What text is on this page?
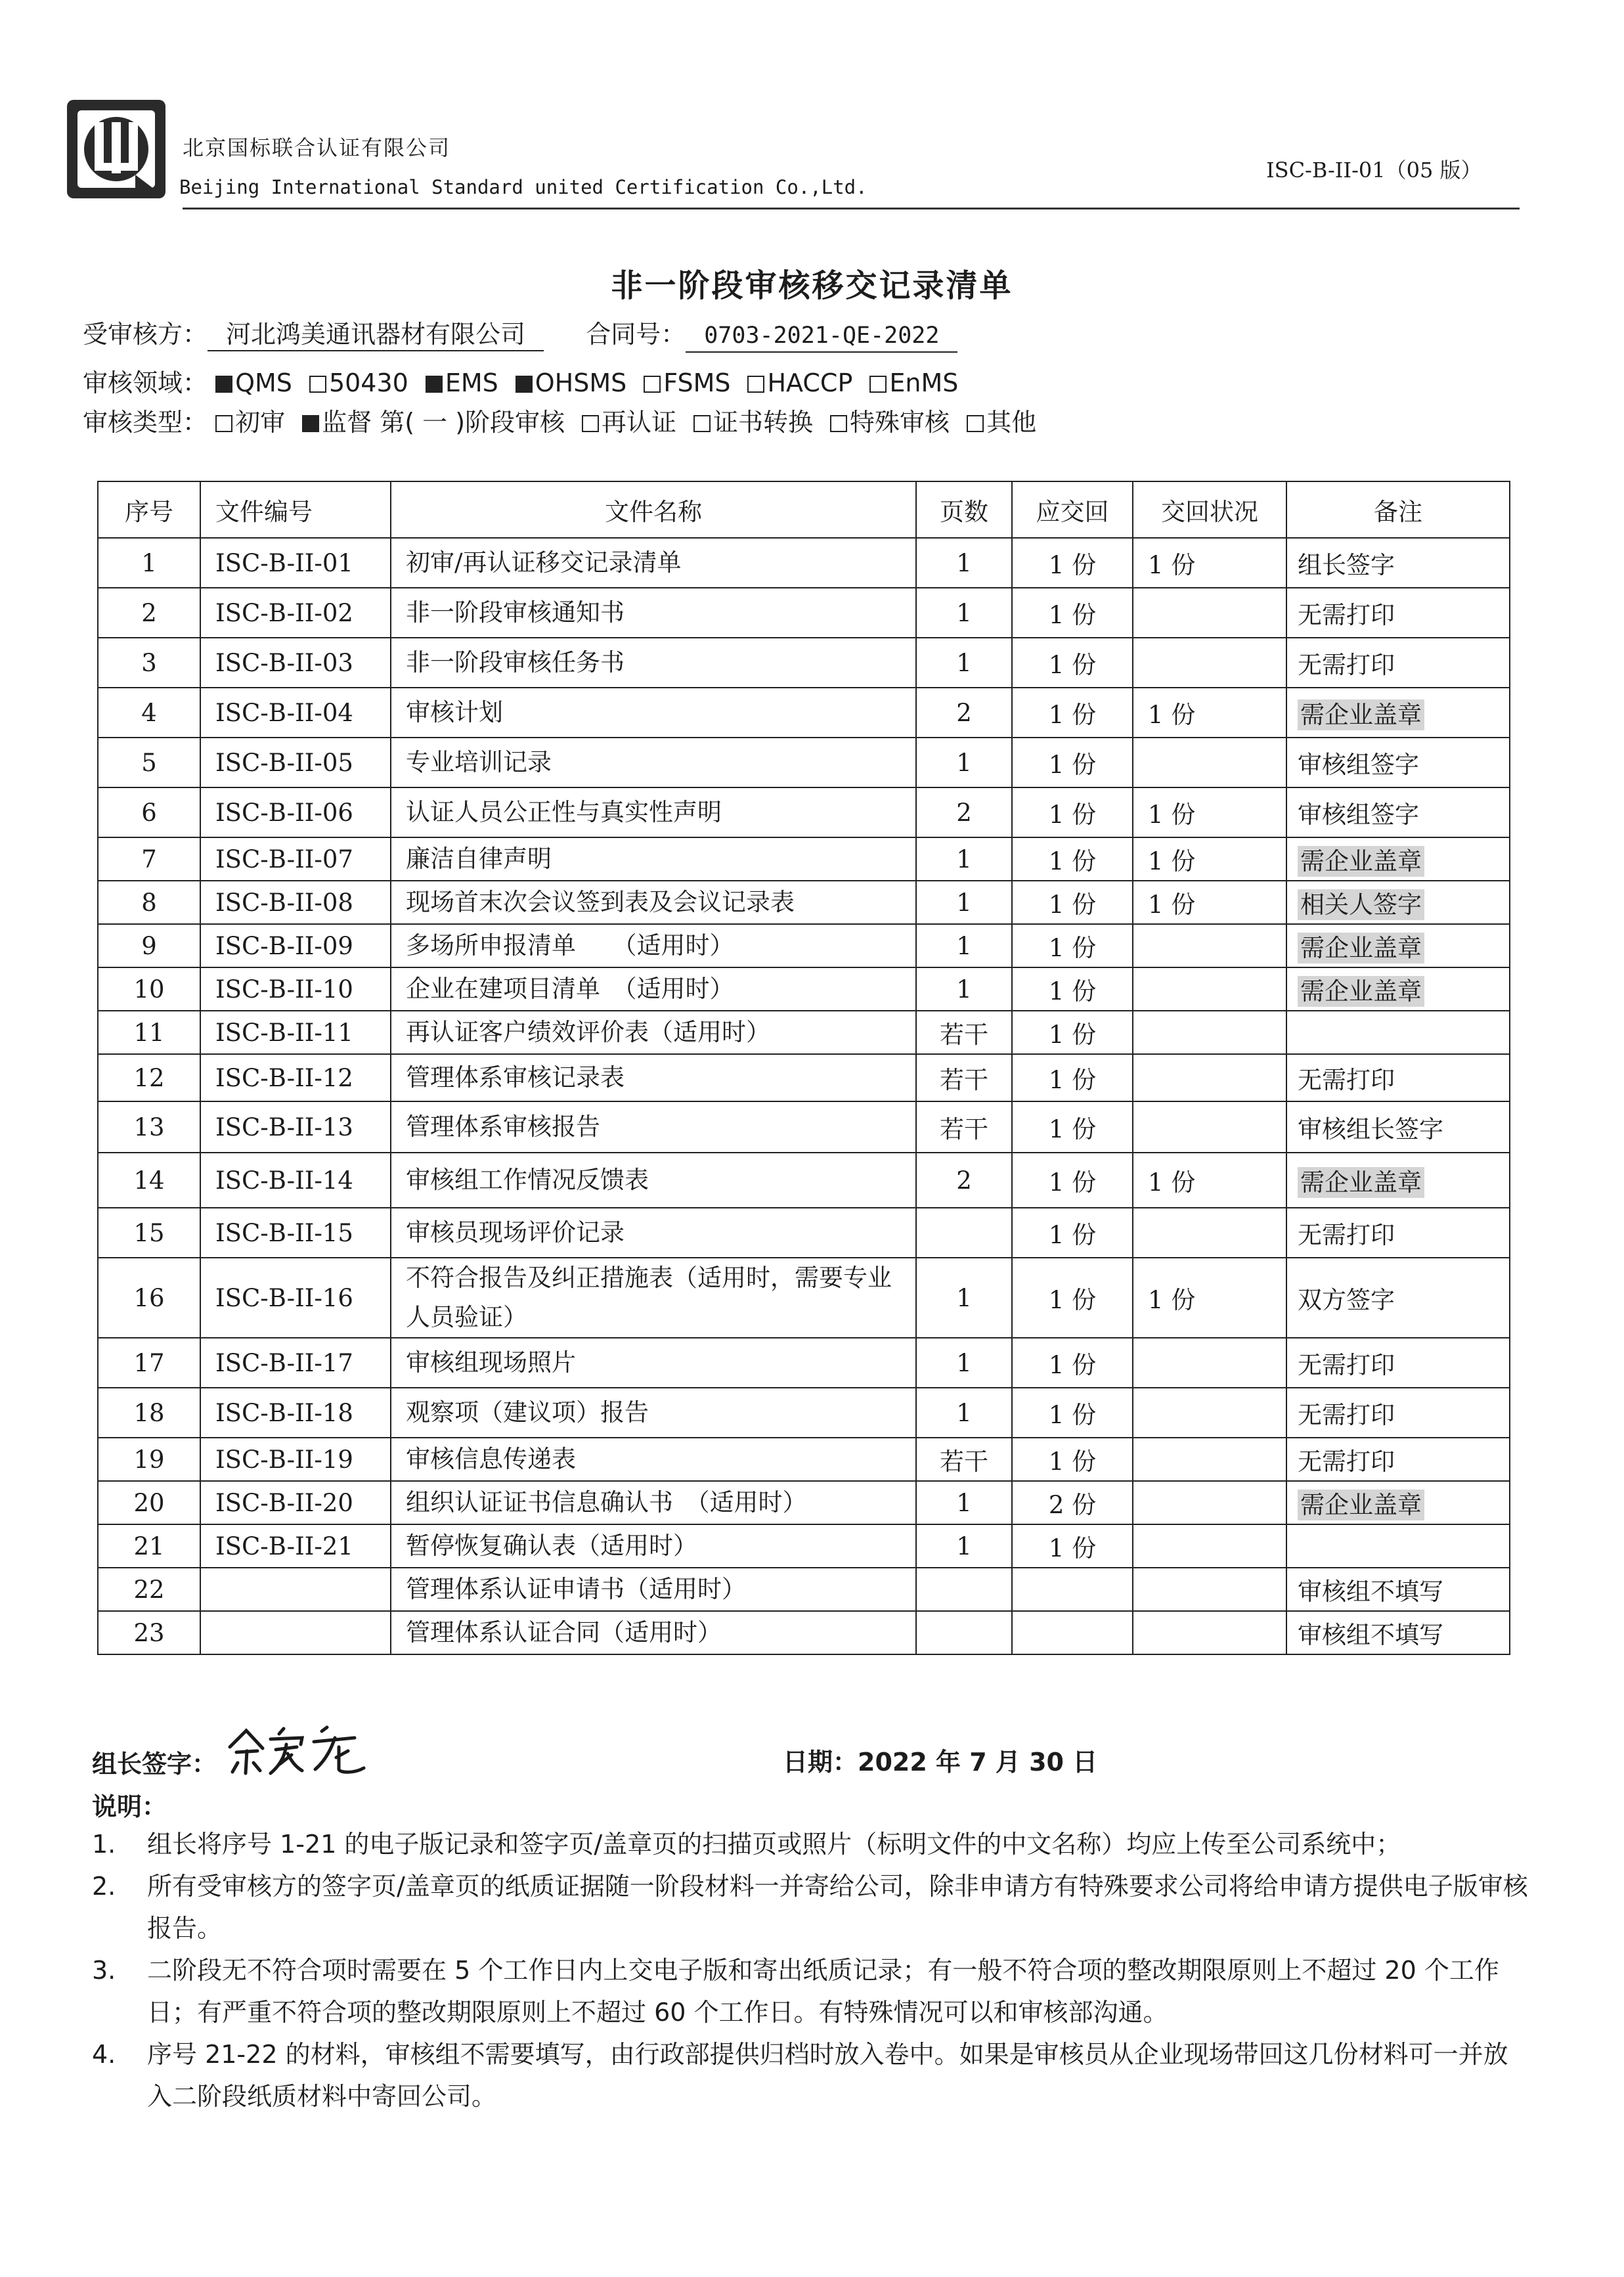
北京国标联合认证有限公司
Beijing International Standard united Certification Co.,Ltd.
ISC-B-II-01（05 版）
非一阶段审核移交记录清单
受审核方： 河北鸿美通讯器材有限公司 合同号： 0703-2021-QE-2022
审核领域： QMS 50430 EMS OHSMS FSMS HACCP EnMS
审核类型： 初审 监督 第( 一 )阶段审核 再认证 证书转换 特殊审核 其他
序号	文件编号	文件名称	页数	应交回	交回状况	备注
1	ISC-B-II-01	初审/再认证移交记录清单	1	1 份	1 份	组长签字
2	ISC-B-II-02	非一阶段审核通知书	1	1 份		无需打印
3	ISC-B-II-03	非一阶段审核任务书	1	1 份		无需打印
4	ISC-B-II-04	审核计划	2	1 份	1 份	需企业盖章
5	ISC-B-II-05	专业培训记录	1	1 份		审核组签字
6	ISC-B-II-06	认证人员公正性与真实性声明	2	1 份	1 份	审核组签字
7	ISC-B-II-07	廉洁自律声明	1	1 份	1 份	需企业盖章
8	ISC-B-II-08	现场首末次会议签到表及会议记录表	1	1 份	1 份	相关人签字
9	ISC-B-II-09	多场所申报清单　　（适用时）	1	1 份		需企业盖章
10	ISC-B-II-10	企业在建项目清单　（适用时）	1	1 份		需企业盖章
11	ISC-B-II-11	再认证客户绩效评价表（适用时）	若干	1 份		
12	ISC-B-II-12	管理体系审核记录表	若干	1 份		无需打印
13	ISC-B-II-13	管理体系审核报告	若干	1 份		审核组长签字
14	ISC-B-II-14	审核组工作情况反馈表	2	1 份	1 份	需企业盖章
15	ISC-B-II-15	审核员现场评价记录		1 份		无需打印
16	ISC-B-II-16	不符合报告及纠正措施表（适用时，需要专业人员验证）	1	1 份	1 份	双方签字
17	ISC-B-II-17	审核组现场照片	1	1 份		无需打印
18	ISC-B-II-18	观察项（建议项）报告	1	1 份		无需打印
19	ISC-B-II-19	审核信息传递表	若干	1 份		无需打印
20	ISC-B-II-20	组织认证证书信息确认书　（适用时）	1	2 份		需企业盖章
21	ISC-B-II-21	暂停恢复确认表（适用时）	1	1 份		
22		管理体系认证申请书（适用时）				审核组不填写
23		管理体系认证合同（适用时）				审核组不填写
组长签字：	日期：2022 年 7 月 30 日
说明：
1.	组长将序号 1-21 的电子版记录和签字页/盖章页的扫描页或照片（标明文件的中文名称）均应上传至公司系统中；
2.	所有受审核方的签字页/盖章页的纸质证据随一阶段材料一并寄给公司，除非申请方有特殊要求公司将给申请方提供电子版审核报告。
3.	二阶段无不符合项时需要在 5 个工作日内上交电子版和寄出纸质记录；有一般不符合项的整改期限原则上不超过 20 个工作日；有严重不符合项的整改期限原则上不超过 60 个工作日。有特殊情况可以和审核部沟通。
4.	序号 21-22 的材料，审核组不需要填写，由行政部提供归档时放入卷中。如果是审核员从企业现场带回这几份材料可一并放入二阶段纸质材料中寄回公司。
